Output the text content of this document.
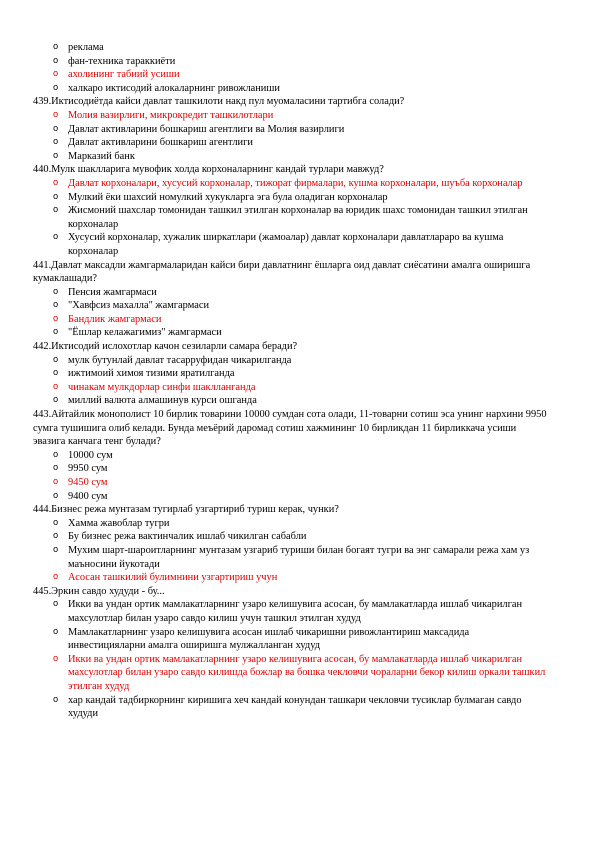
o реклама

o фан-техника тараккиёти

o ахолининг табиий усиши

o халкаро иктисодий алокаларнинг ривожланиши

439.Иктисодиётда кайси давлат ташкилоти накд пул муомаласини тартибга солади?

o Молия вазирлиги, микрокредит ташкилотлари

o Давлат активларини бошкариш агентлиги ва Молия вазирлиги

o Давлат активларини бошкариш агентлиги

o Марказий банк

440.Мулк шаклларига мувофик холда корхоналарнинг кандай турлари мавжуд?

o Давлат корхоналари, хусусий корхоналар, тижорат фирмалари, кушма корхоналари, шуъба корхоналар

o Мулкий ёки шахсий номулкий хукукларга эга була оладиган корхоналар

o Жисмоний шахслар томонидан ташкил этилган корхоналар ва юридик шахс томонидан ташкил этилган корхоналар

o Хусусий корхоналар, хужалик ширкатлари (жамоалар) давлат корхоналари давлатлараро ва кушма корхоналар

441.Давлат максадли жамгармаларидан кайси бири давлатнинг ёшларга оид давлат сиёсатини амалга оширишга кумаклашади?

o Пенсия жамгармаси

o "Хавфсиз махалла" жамгармаси

o Бандлик жамгармаси

o "Ёшлар келажагимиз" жамгармаси

442.Иктисодий ислохотлар качон сезиларли самара беради?

o мулк бутунлай давлат тасарруфидан чикарилганда

o ижтимоий химоя тизими яратилганда

o чинакам мулкдорлар синфи шаклланганда

o миллий валюта алмашинув курси ошганда

443.Айтайлик монополист 10 бирлик товарини 10000 сумдан сота олади, 11-товарни сотиш эса унинг нархини 9950 сумга тушишига олиб келади. Бунда меъёрий даромад сотиш хажмининг 10 бирликдан 11 бирликкача усиши эвазига канчага тенг булади?

o 10000 сум

o 9950 сум

o 9450 сум

o 9400 сум

444.Бизнес режа мунтазам тугирлаб узгартириб туриш керак, чунки?

o Хамма жавоблар тугри

o Бу бизнес режа вактинчалик ишлаб чикилган сабабли

o Мухим шарт-шароитларнинг мунтазам узгариб туриши билан богаят тугри ва энг самарали режа хам уз маъносини йукотади

o Асосан ташкилий булимнини узгартириш учун

445.Эркин савдо худуди - бу...

o Икки ва ундан ортик мамлакатларнинг узаро келишувига асосан, бу мамлакатларда ишлаб чикарилган махсулотлар билан узаро савдо килиш учун ташкил этилган худуд

o Мамлакатларнинг узаро келишувига асосан ишлаб чикаришни ривожлантириш максадида инвестицияларни амалга оширишга мулжалланган худуд

o Икки ва ундан ортик мамлакатларнинг узаро келишувига асосан, бу мамлакатларда ишлаб чикарилган махсулотлар билан узаро савдо килишда божлар ва бошка чекловчи чораларни бекор килиш оркали ташкил этилган худуд

o хар кандай тадбиркорнинг киришига хеч кандай конундан ташкари чекловчи тусиклар булмаган савдо худуди
